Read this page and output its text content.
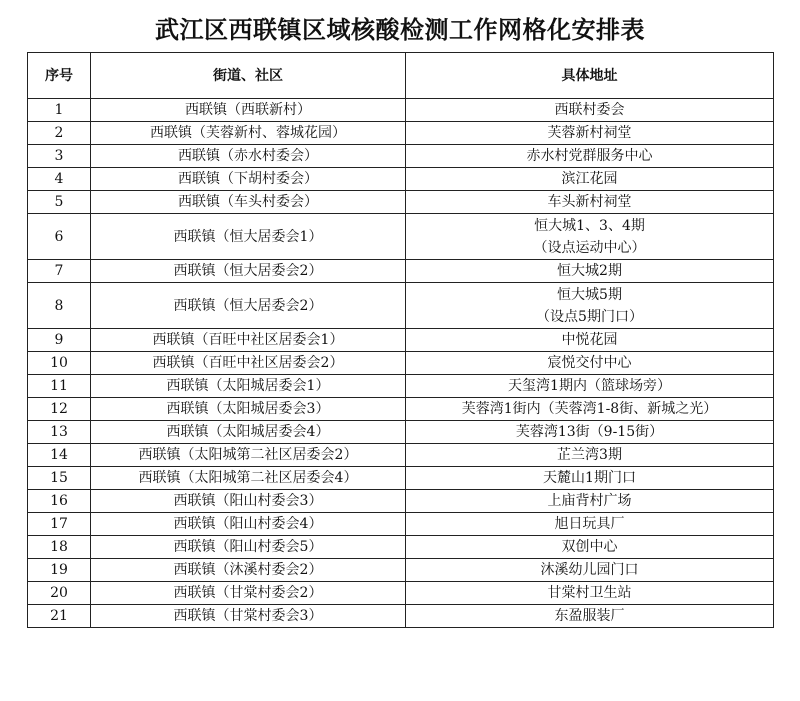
武江区西联镇区域核酸检测工作网格化安排表
序号	街道、社区	具体地址
1	西联镇（西联新村）	西联村委会

2	西联镇（芙蓉新村、蓉城花园）	芙蓉新村祠堂

3	西联镇（赤水村委会）	赤水村党群服务中心

4	西联镇（下胡村委会）	滨江花园

5	西联镇（车头村委会）	车头新村祠堂

6	西联镇（恒大居委会1）	恒大城1、3、4期
（设点运动中心）

7	西联镇（恒大居委会2）	恒大城2期

8	西联镇（恒大居委会2）	恒大城5期
（设点5期门口）

9	西联镇（百旺中社区居委会1）	中悦花园

10	西联镇（百旺中社区居委会2）	宸悦交付中心

11	西联镇（太阳城居委会1）	天玺湾1期内（篮球场旁）

12	西联镇（太阳城居委会3）	芙蓉湾1街内（芙蓉湾1-8街、新城之光）

13	西联镇（太阳城居委会4）	芙蓉湾13街（9-15街）

14	西联镇（太阳城第二社区居委会2）	芷兰湾3期

15	西联镇（太阳城第二社区居委会4）	天麓山1期门口

16	西联镇（阳山村委会3）	上庙背村广场

17	西联镇（阳山村委会4）	旭日玩具厂

18	西联镇（阳山村委会5）	双创中心

19	西联镇（沐溪村委会2）	沐溪幼儿园门口

20	西联镇（甘棠村委会2）	甘棠村卫生站

21	西联镇（甘棠村委会3）	东盈服装厂
